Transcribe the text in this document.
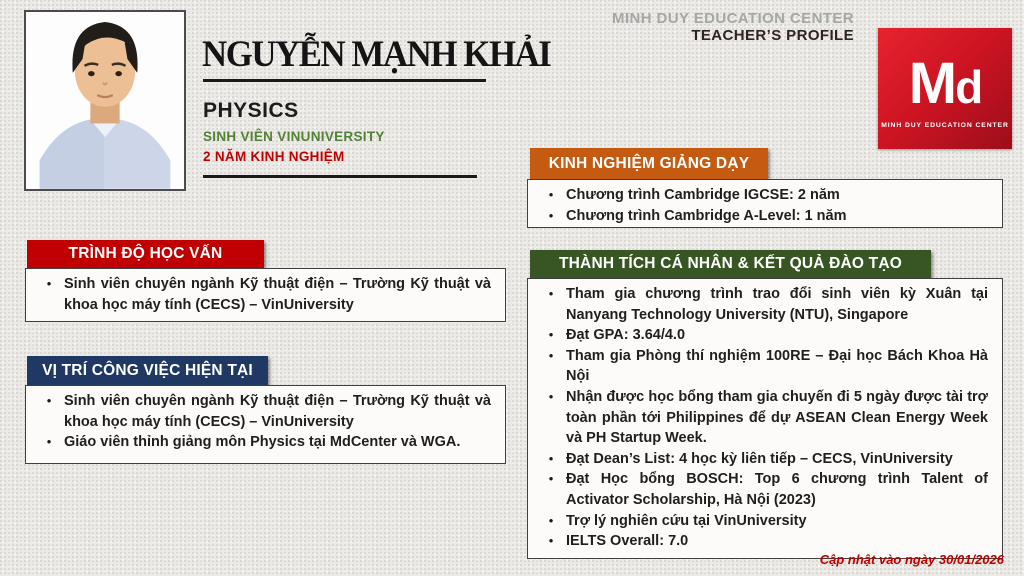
NGUYỄN MẠNH KHẢI
PHYSICS
SINH VIÊN VINUNIVERSITY
2 NĂM KINH NGHIỆM
MINH DUY EDUCATION CENTER
TEACHER’S PROFILE
Md
MINH DUY EDUCATION CENTER
TRÌNH ĐỘ HỌC VẤN
• Sinh viên chuyên ngành Kỹ thuật điện – Trường Kỹ thuật và khoa học máy tính (CECS) – VinUniversity
VỊ TRÍ CÔNG VIỆC HIỆN TẠI
• Sinh viên chuyên ngành Kỹ thuật điện – Trường Kỹ thuật và khoa học máy tính (CECS) – VinUniversity
• Giáo viên thỉnh giảng môn Physics tại MdCenter và WGA.
KINH NGHIỆM GIẢNG DẠY
• Chương trình Cambridge IGCSE: 2 năm
• Chương trình Cambridge A-Level: 1 năm
THÀNH TÍCH CÁ NHÂN & KẾT QUẢ ĐÀO TẠO
• Tham gia chương trình trao đổi sinh viên kỳ Xuân tại Nanyang Technology University (NTU), Singapore
• Đạt GPA: 3.64/4.0
• Tham gia Phòng thí nghiệm 100RE – Đại học Bách Khoa Hà Nội
• Nhận được học bổng tham gia chuyến đi 5 ngày được tài trợ toàn phần tới Philippines để dự ASEAN Clean Energy Week và PH Startup Week.
• Đạt Dean’s List: 4 học kỳ liên tiếp – CECS, VinUniversity
• Đạt Học bổng BOSCH: Top 6 chương trình Talent of Activator Scholarship, Hà Nội (2023)
• Trợ lý nghiên cứu tại VinUniversity
• IELTS Overall: 7.0
Cập nhật vào ngày 30/01/2026
